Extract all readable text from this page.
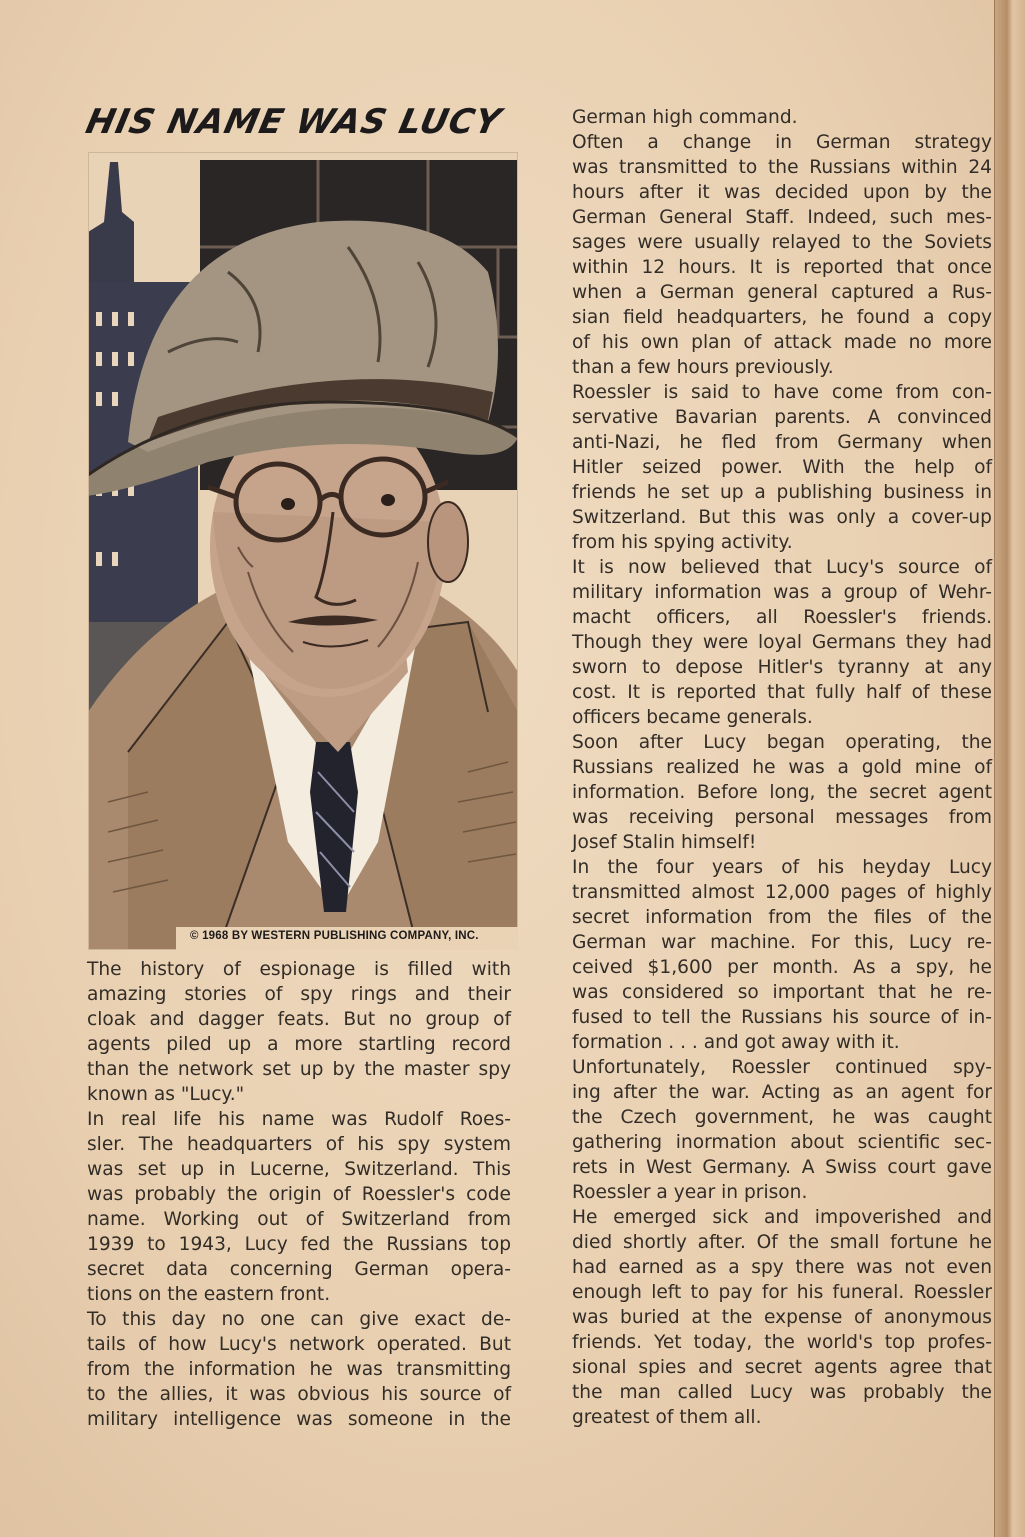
HIS NAME WAS LUCY
© 1968 BY WESTERN PUBLISHING COMPANY, INC.
The history of espionage is filled with
amazing stories of spy rings and their
cloak and dagger feats. But no group of
agents piled up a more startling record
than the network set up by the master spy
known as "Lucy."
In real life his name was Rudolf Roes-
sler. The headquarters of his spy system
was set up in Lucerne, Switzerland. This
was probably the origin of Roessler's code
name. Working out of Switzerland from
1939 to 1943, Lucy fed the Russians top
secret data concerning German opera-
tions on the eastern front.
To this day no one can give exact de-
tails of how Lucy's network operated. But
from the information he was transmitting
to the allies, it was obvious his source of
military intelligence was someone in the
German high command.
Often a change in German strategy
was transmitted to the Russians within 24
hours after it was decided upon by the
German General Staff. Indeed, such mes-
sages were usually relayed to the Soviets
within 12 hours. It is reported that once
when a German general captured a Rus-
sian field headquarters, he found a copy
of his own plan of attack made no more
than a few hours previously.
Roessler is said to have come from con-
servative Bavarian parents. A convinced
anti-Nazi, he fled from Germany when
Hitler seized power. With the help of
friends he set up a publishing business in
Switzerland. But this was only a cover-up
from his spying activity.
It is now believed that Lucy's source of
military information was a group of Wehr-
macht officers, all Roessler's friends.
Though they were loyal Germans they had
sworn to depose Hitler's tyranny at any
cost. It is reported that fully half of these
officers became generals.
Soon after Lucy began operating, the
Russians realized he was a gold mine of
information. Before long, the secret agent
was receiving personal messages from
Josef Stalin himself!
In the four years of his heyday Lucy
transmitted almost 12,000 pages of highly
secret information from the files of the
German war machine. For this, Lucy re-
ceived $1,600 per month. As a spy, he
was considered so important that he re-
fused to tell the Russians his source of in-
formation . . . and got away with it.
Unfortunately, Roessler continued spy-
ing after the war. Acting as an agent for
the Czech government, he was caught
gathering inormation about scientific sec-
rets in West Germany. A Swiss court gave
Roessler a year in prison.
He emerged sick and impoverished and
died shortly after. Of the small fortune he
had earned as a spy there was not even
enough left to pay for his funeral. Roessler
was buried at the expense of anonymous
friends. Yet today, the world's top profes-
sional spies and secret agents agree that
the man called Lucy was probably the
greatest of them all.
